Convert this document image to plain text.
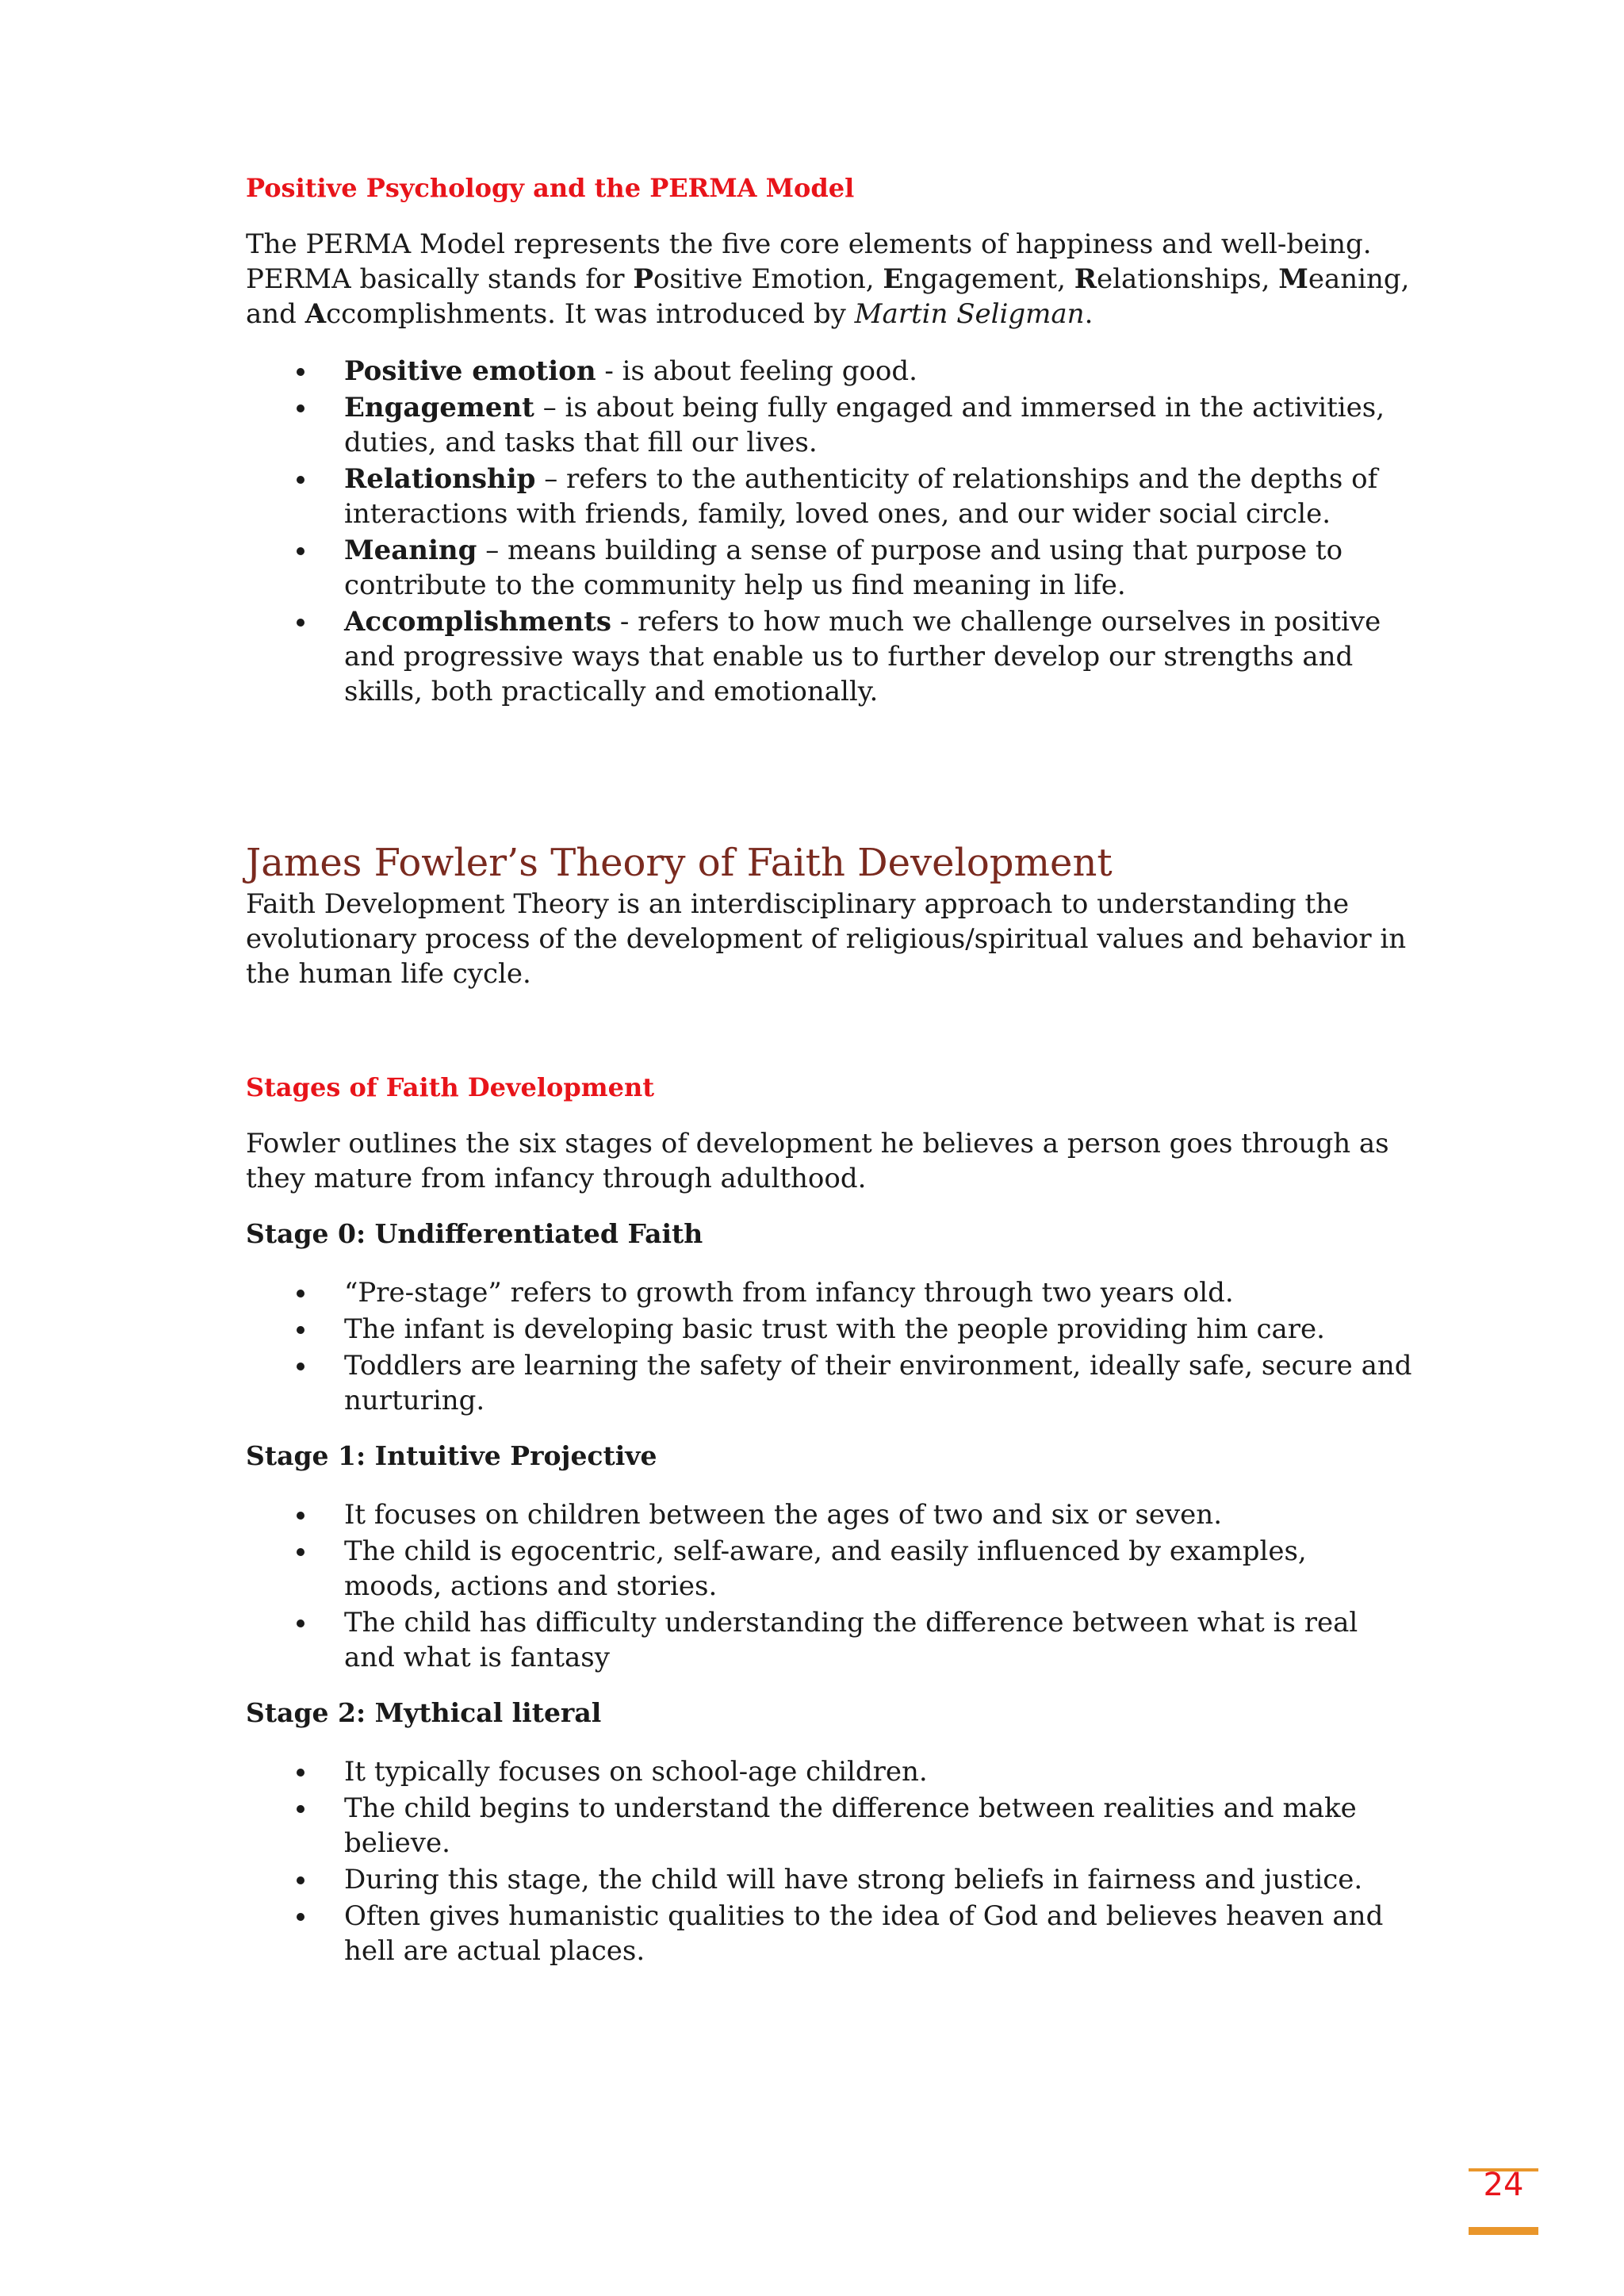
Positive Psychology and the PERMA Model
The PERMA Model represents the five core elements of happiness and well-being.
PERMA basically stands for Positive Emotion, Engagement, Relationships, Meaning,
and Accomplishments. It was introduced by Martin Seligman.
Positive emotion - is about feeling good.
Engagement – is about being fully engaged and immersed in the activities,
duties, and tasks that fill our lives.
Relationship – refers to the authenticity of relationships and the depths of
interactions with friends, family, loved ones, and our wider social circle.
Meaning – means building a sense of purpose and using that purpose to
contribute to the community help us find meaning in life.
Accomplishments - refers to how much we challenge ourselves in positive
and progressive ways that enable us to further develop our strengths and
skills, both practically and emotionally.
James Fowler’s Theory of Faith Development
Faith Development Theory is an interdisciplinary approach to understanding the
evolutionary process of the development of religious/spiritual values and behavior in
the human life cycle.
Stages of Faith Development
Fowler outlines the six stages of development he believes a person goes through as
they mature from infancy through adulthood.
Stage 0: Undifferentiated Faith
“Pre-stage” refers to growth from infancy through two years old.
The infant is developing basic trust with the people providing him care.
Toddlers are learning the safety of their environment, ideally safe, secure and
nurturing.
Stage 1: Intuitive Projective
It focuses on children between the ages of two and six or seven.
The child is egocentric, self-aware, and easily influenced by examples,
moods, actions and stories.
The child has difficulty understanding the difference between what is real
and what is fantasy
Stage 2: Mythical literal
It typically focuses on school-age children.
The child begins to understand the difference between realities and make
believe.
During this stage, the child will have strong beliefs in fairness and justice.
Often gives humanistic qualities to the idea of God and believes heaven and
hell are actual places.
24
